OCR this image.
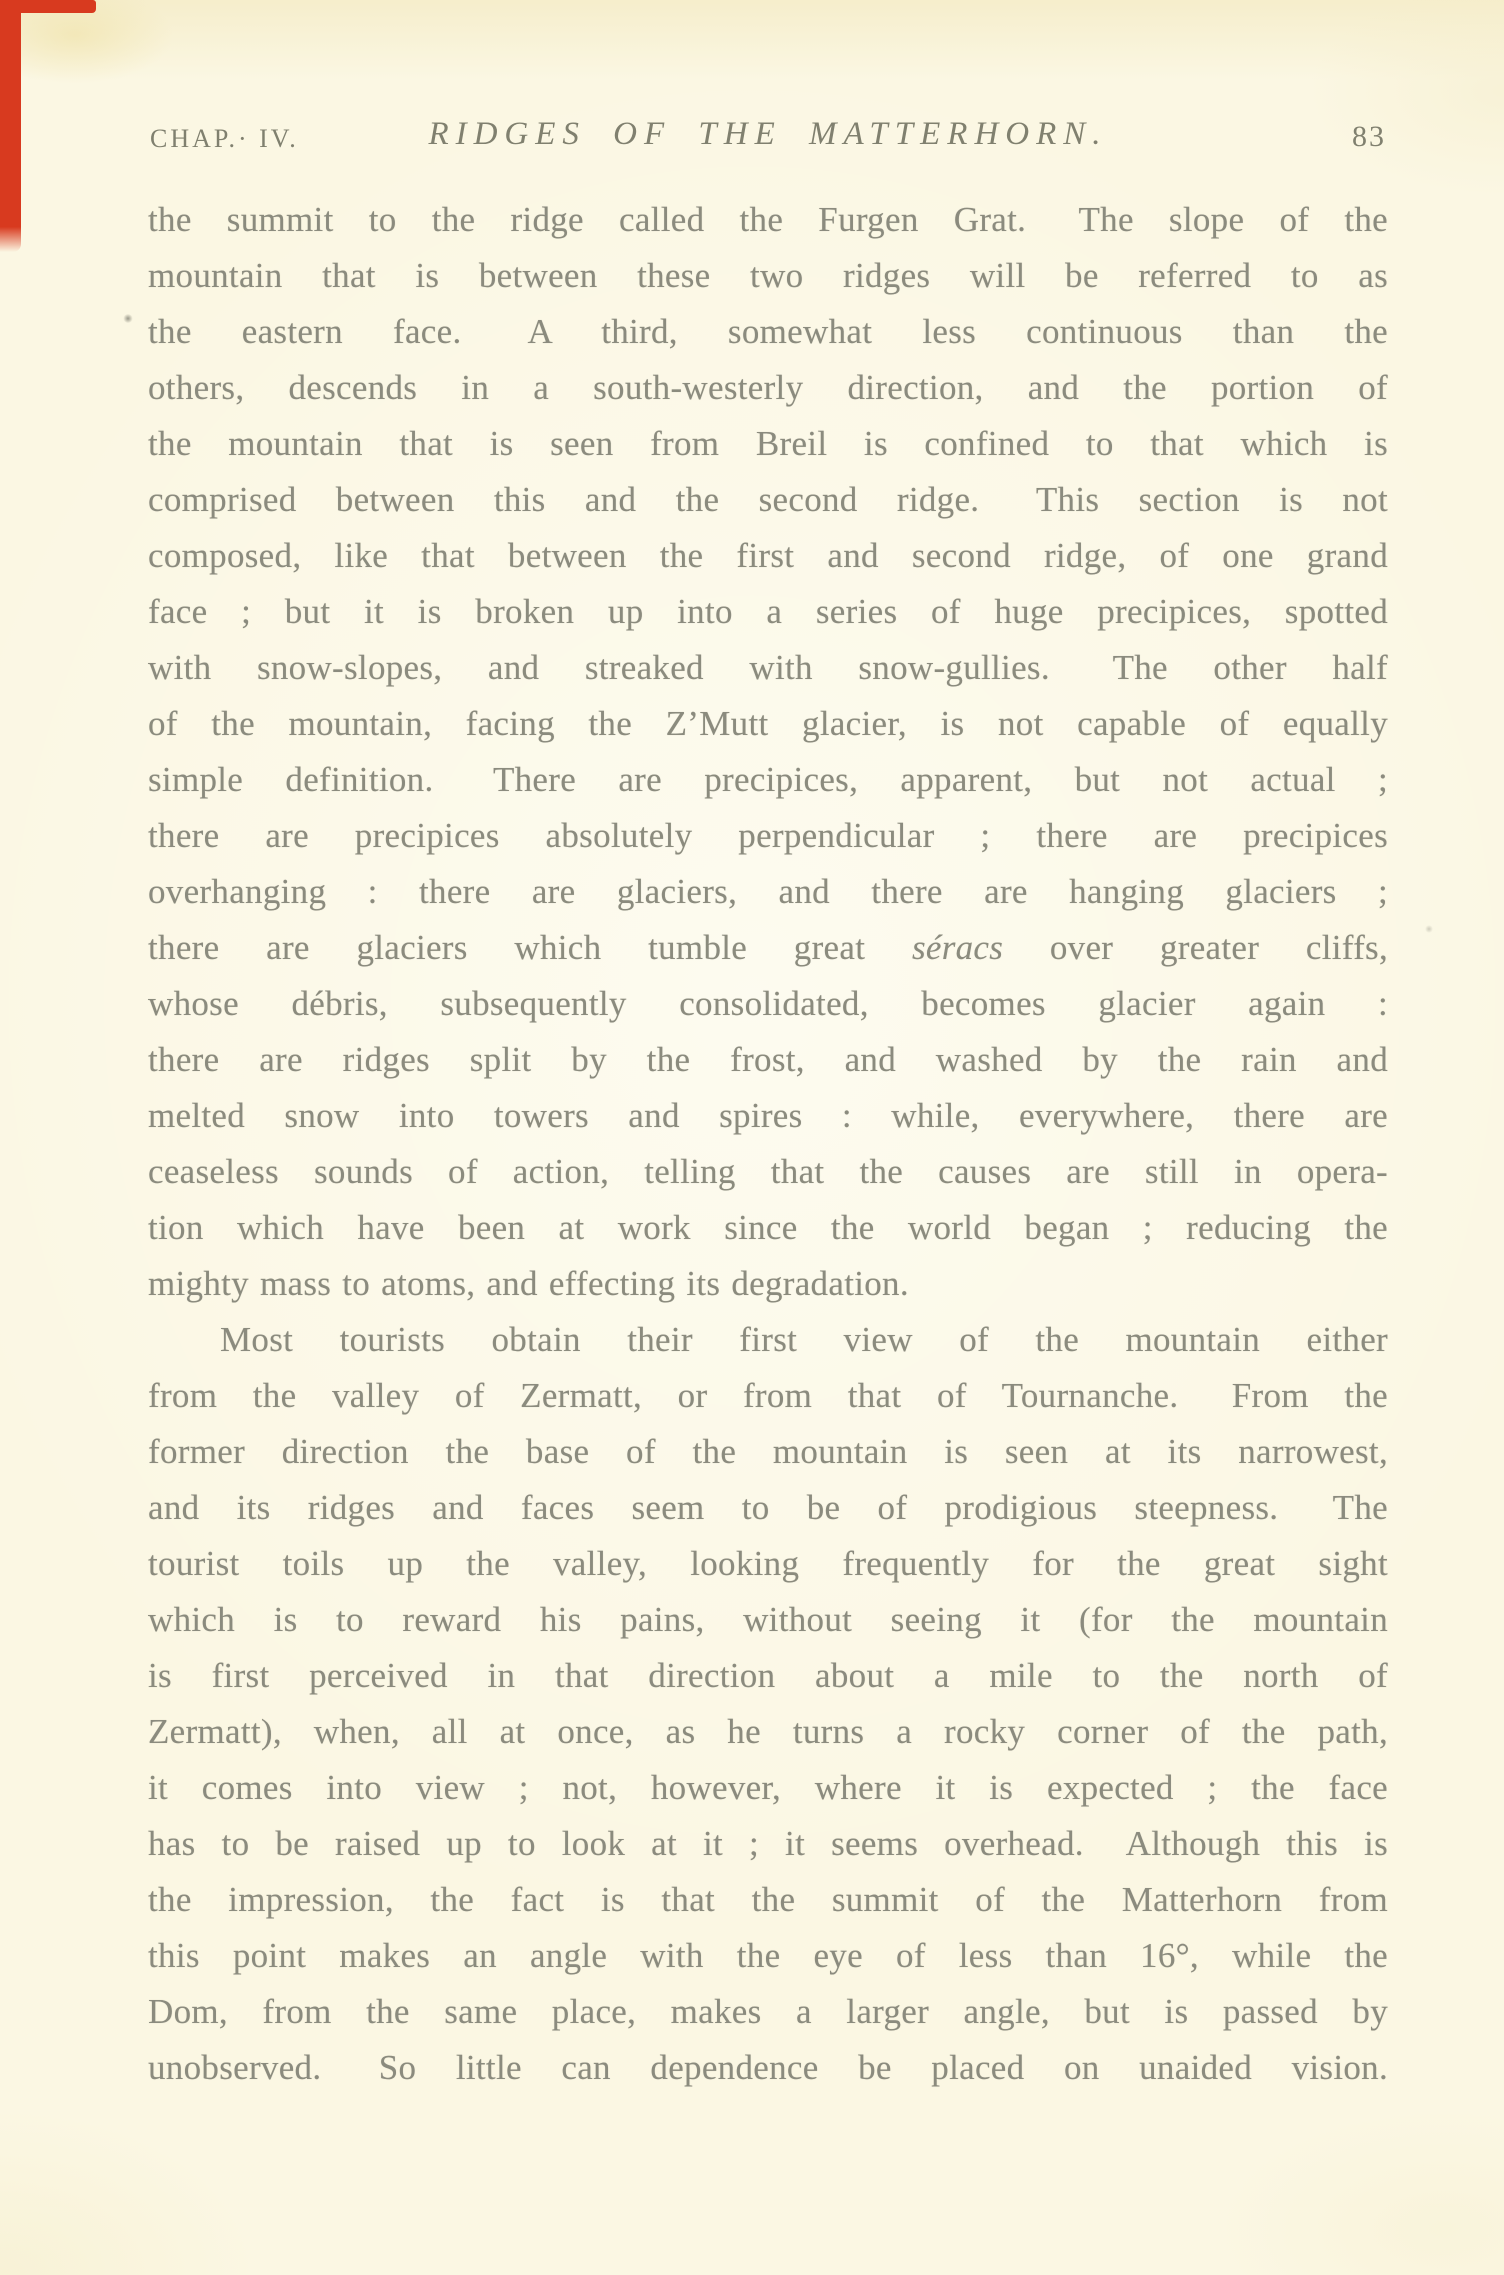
CHAP.· IV.	RIDGES OF THE MATTERHORN.	83

the summit to the ridge called the Furgen Grat.  The slope of the
mountain that is between these two ridges will be referred to as
the eastern face.  A third, somewhat less continuous than the
others, descends in a south-westerly direction, and the portion of
the mountain that is seen from Breil is confined to that which is
comprised between this and the second ridge.  This section is not
composed, like that between the first and second ridge, of one grand
face ; but it is broken up into a series of huge precipices, spotted
with snow-slopes, and streaked with snow-gullies.  The other half
of the mountain, facing the Z’Mutt glacier, is not capable of equally
simple definition.  There are precipices, apparent, but not actual ;
there are precipices absolutely perpendicular ; there are precipices
overhanging : there are glaciers, and there are hanging glaciers ;
there are glaciers which tumble great séracs over greater cliffs,
whose débris, subsequently consolidated, becomes glacier again :
there are ridges split by the frost, and washed by the rain and
melted snow into towers and spires : while, everywhere, there are
ceaseless sounds of action, telling that the causes are still in opera-
tion which have been at work since the world began ; reducing the
mighty mass to atoms, and effecting its degradation.

Most tourists obtain their first view of the mountain either
from the valley of Zermatt, or from that of Tournanche.  From the
former direction the base of the mountain is seen at its narrowest,
and its ridges and faces seem to be of prodigious steepness.  The
tourist toils up the valley, looking frequently for the great sight
which is to reward his pains, without seeing it (for the mountain
is first perceived in that direction about a mile to the north of
Zermatt), when, all at once, as he turns a rocky corner of the path,
it comes into view ; not, however, where it is expected ; the face
has to be raised up to look at it ; it seems overhead.  Although this is
the impression, the fact is that the summit of the Matterhorn from
this point makes an angle with the eye of less than 16°, while the
Dom, from the same place, makes a larger angle, but is passed by
unobserved.  So little can dependence be placed on unaided vision.
